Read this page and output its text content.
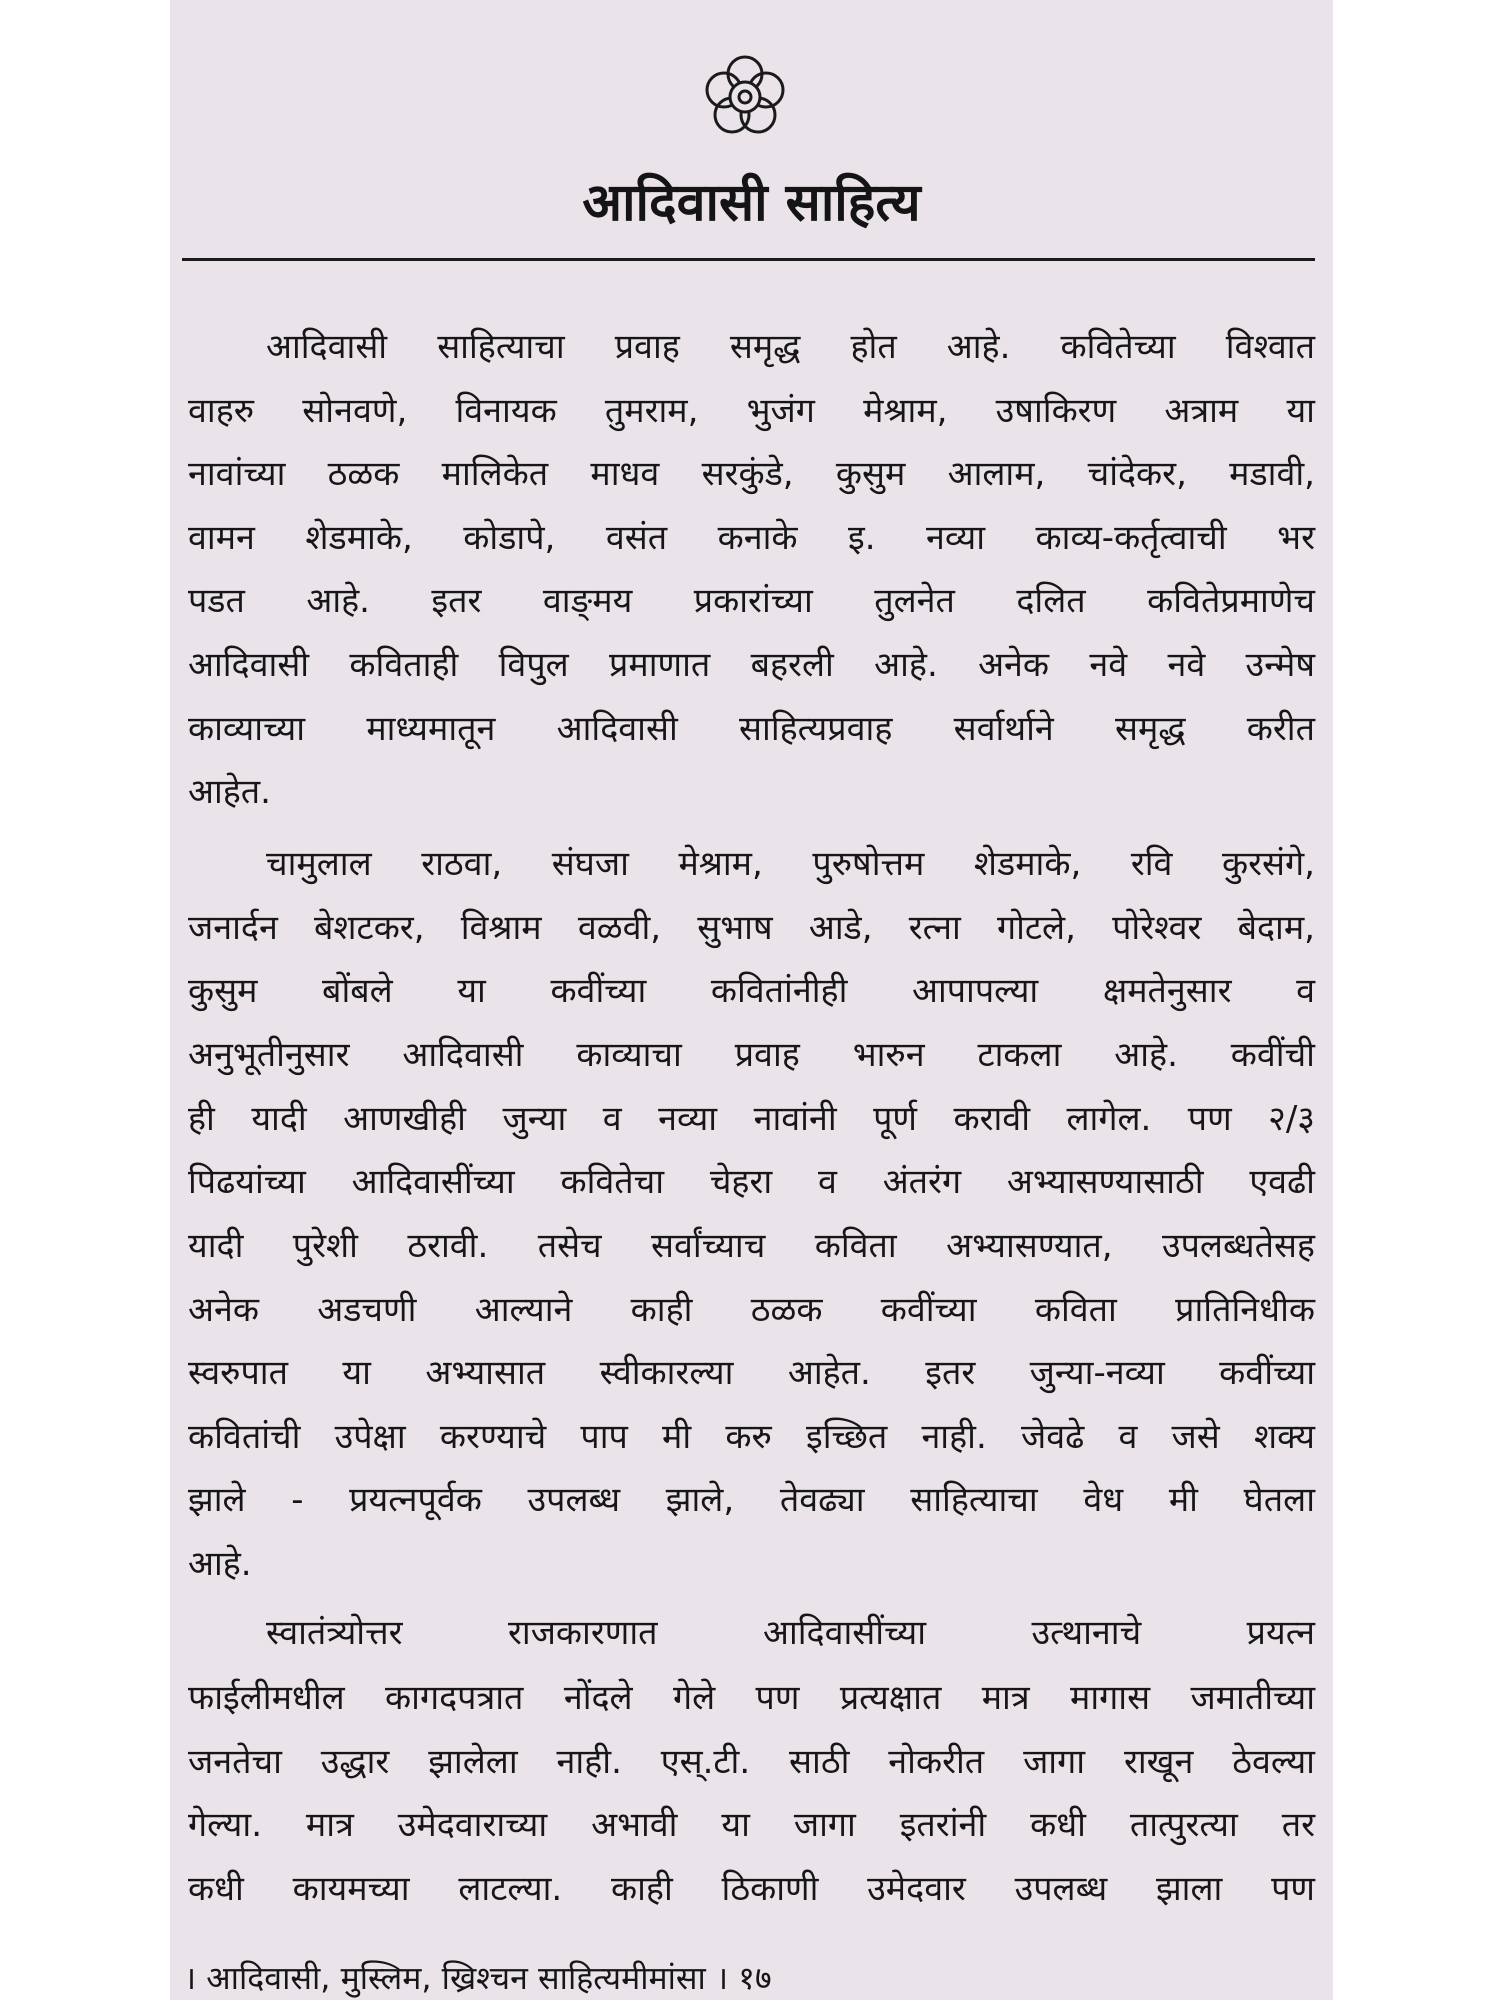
आदिवासी साहित्य
आदिवासी साहित्याचा प्रवाह समृद्ध होत आहे. कवितेच्या विश्वात
वाहरु सोनवणे, विनायक तुमराम, भुजंग मेश्राम, उषाकिरण अत्राम या
नावांच्या ठळक मालिकेत माधव सरकुंडे, कुसुम आलाम, चांदेकर, मडावी,
वामन शेडमाके, कोडापे, वसंत कनाके इ. नव्या काव्य-कर्तृत्वाची भर
पडत आहे. इतर वाङ्‌मय प्रकारांच्या तुलनेत दलित कवितेप्रमाणेच
आदिवासी कविताही विपुल प्रमाणात बहरली आहे. अनेक नवे नवे उन्मेष
काव्याच्या माध्यमातून आदिवासी साहित्यप्रवाह सर्वार्थाने समृद्ध करीत
आहेत.
चामुलाल राठवा, संघजा मेश्राम, पुरुषोत्तम शेडमाके, रवि कुरसंगे,
जनार्दन बेशटकर, विश्राम वळवी, सुभाष आडे, रत्ना गोटले, पोरेश्वर बेदाम,
कुसुम बोंबले या कवींच्या कवितांनीही आपापल्या क्षमतेनुसार व
अनुभूतीनुसार आदिवासी काव्याचा प्रवाह भारुन टाकला आहे. कवींची
ही यादी आणखीही जुन्या व नव्या नावांनी पूर्ण करावी लागेल. पण २/३
पिढयांच्या आदिवासींच्या कवितेचा चेहरा व अंतरंग अभ्यासण्यासाठी एवढी
यादी पुरेशी ठरावी. तसेच सर्वांच्याच कविता अभ्यासण्यात, उपलब्धतेसह
अनेक अडचणी आल्याने काही ठळक कवींच्या कविता प्रातिनिधीक
स्वरुपात या अभ्यासात स्वीकारल्या आहेत. इतर जुन्या-नव्या कवींच्या
कवितांची उपेक्षा करण्याचे पाप मी करु इच्छित नाही. जेवढे व जसे शक्य
झाले - प्रयत्नपूर्वक उपलब्ध झाले, तेवढ्या साहित्याचा वेध मी घेतला
आहे.
स्वातंत्र्योत्तर राजकारणात आदिवासींच्या उत्थानाचे प्रयत्न
फाईलीमधील कागदपत्रात नोंदले गेले पण प्रत्यक्षात मात्र मागास जमातीच्या
जनतेचा उद्धार झालेला नाही. एस्.टी. साठी नोकरीत जागा राखून ठेवल्या
गेल्या. मात्र उमेदवाराच्या अभावी या जागा इतरांनी कधी तात्पुरत्या तर
कधी कायमच्या लाटल्या. काही ठिकाणी उमेदवार उपलब्ध झाला पण
। आदिवासी, मुस्लिम, ख्रिश्चन साहित्यमीमांसा । १७
